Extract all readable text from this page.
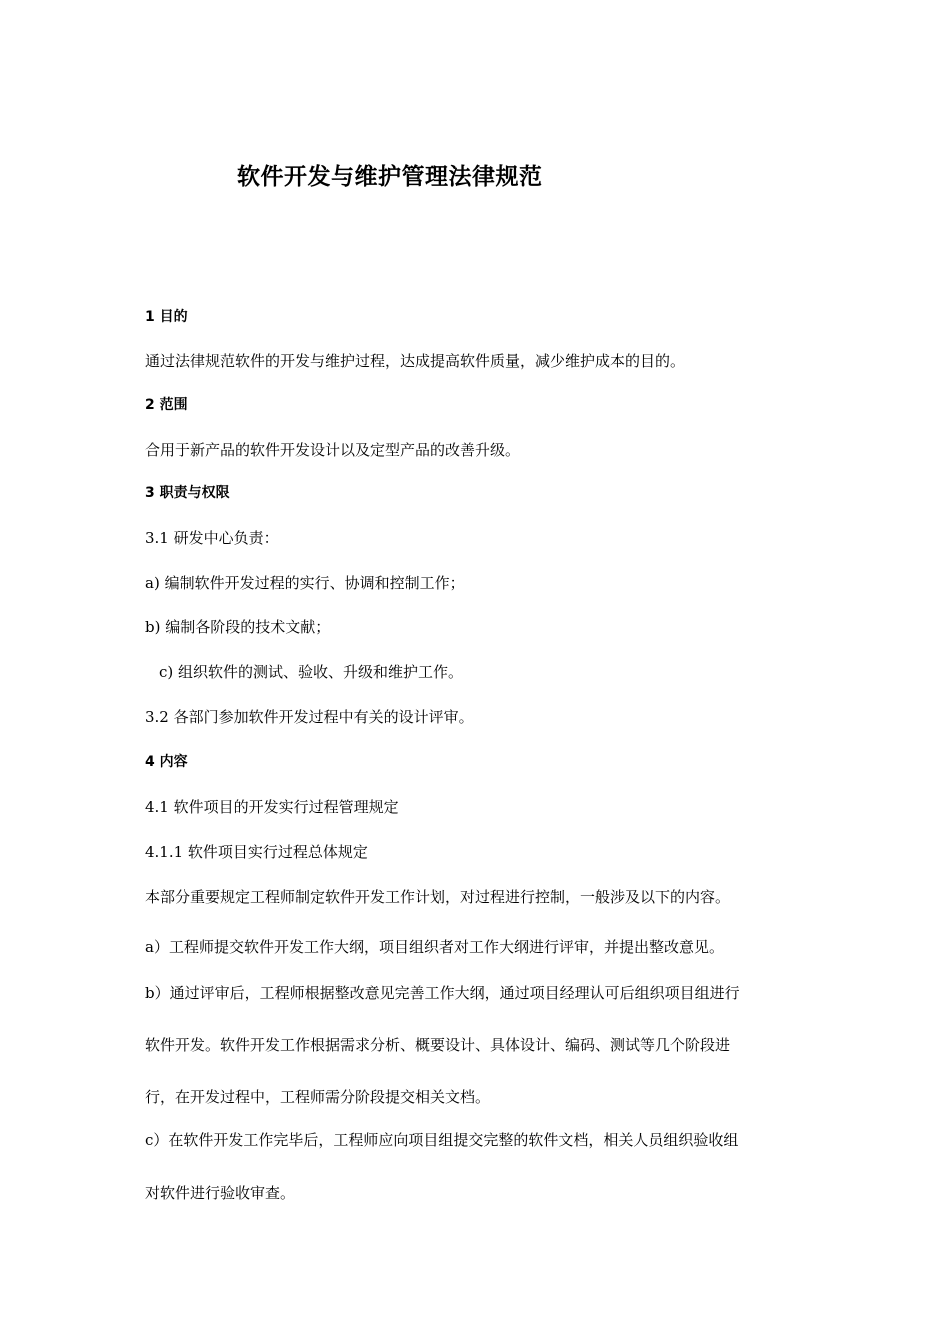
软件开发与维护管理法律规范
1 目的
通过法律规范软件的开发与维护过程，达成提高软件质量，减少维护成本的目的。
2 范围
合用于新产品的软件开发设计以及定型产品的改善升级。
3 职责与权限
3.1 研发中心负责：
a) 编制软件开发过程的实行、协调和控制工作；
b) 编制各阶段的技术文献；
c) 组织软件的测试、验收、升级和维护工作。
3.2 各部门参加软件开发过程中有关的设计评审。
4 内容
4.1 软件项目的开发实行过程管理规定
4.1.1 软件项目实行过程总体规定
本部分重要规定工程师制定软件开发工作计划，对过程进行控制，一般涉及以下的内容。
a）工程师提交软件开发工作大纲，项目组织者对工作大纲进行评审，并提出整改意见。
b）通过评审后，工程师根据整改意见完善工作大纲，通过项目经理认可后组织项目组进行
软件开发。软件开发工作根据需求分析、概要设计、具体设计、编码、测试等几个阶段进
行，在开发过程中，工程师需分阶段提交相关文档。
c）在软件开发工作完毕后，工程师应向项目组提交完整的软件文档，相关人员组织验收组
对软件进行验收审查。
